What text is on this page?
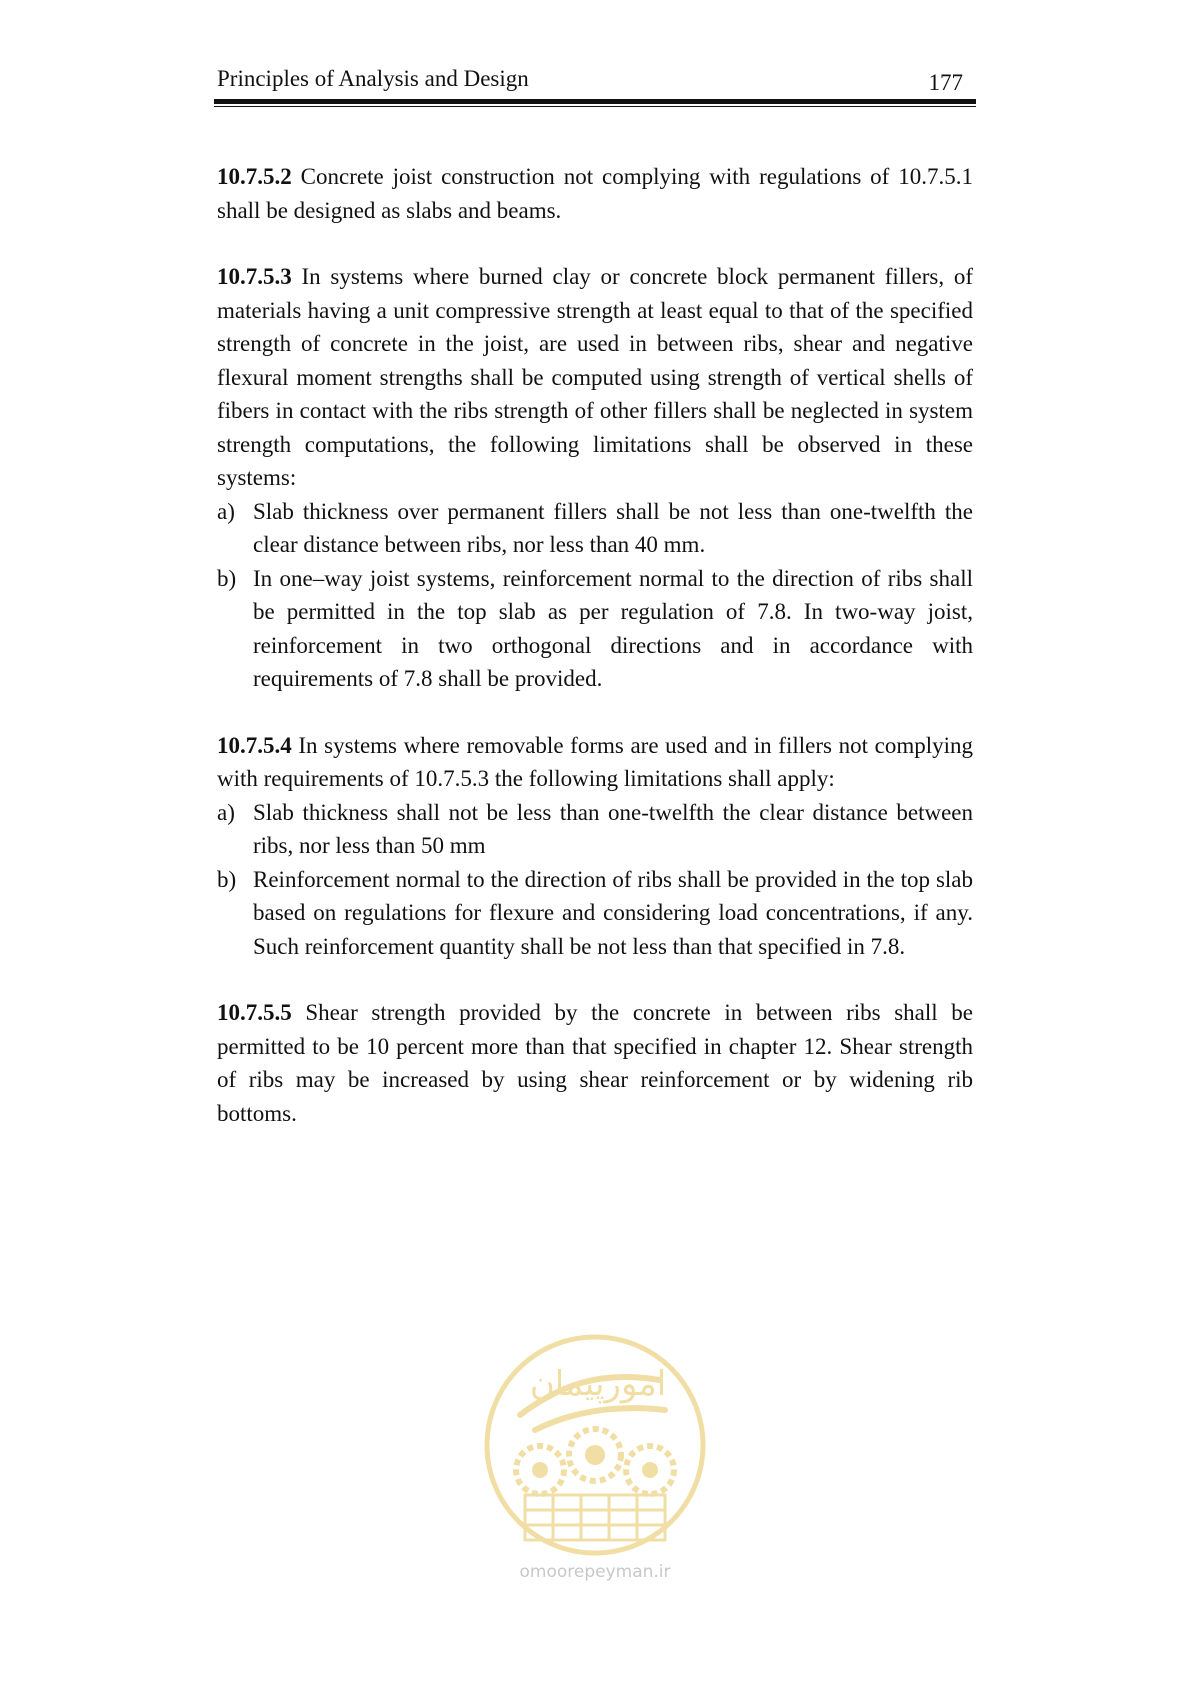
Principles of Analysis and Design	177

10.7.5.2 Concrete joist construction not complying with regulations of 10.7.5.1 shall be designed as slabs and beams.

10.7.5.3 In systems where burned clay or concrete block permanent fillers, of materials having a unit compressive strength at least equal to that of the specified strength of concrete in the joist, are used in between ribs, shear and negative flexural moment strengths shall be computed using strength of vertical shells of fibers in contact with the ribs strength of other fillers shall be neglected in system strength computations, the following limitations shall be observed in these systems:

a) Slab thickness over permanent fillers shall be not less than one-twelfth the clear distance between ribs, nor less than 40 mm.
b) In one–way joist systems, reinforcement normal to the direction of ribs shall be permitted in the top slab as per regulation of 7.8. In two-way joist, reinforcement in two orthogonal directions and in accordance with requirements of 7.8 shall be provided.

10.7.5.4 In systems where removable forms are used and in fillers not complying with requirements of 10.7.5.3 the following limitations shall apply:

a) Slab thickness shall not be less than one-twelfth the clear distance between ribs, nor less than 50 mm
b) Reinforcement normal to the direction of ribs shall be provided in the top slab based on regulations for flexure and considering load concentrations, if any. Such reinforcement quantity shall be not less than that specified in 7.8.

10.7.5.5 Shear strength provided by the concrete in between ribs shall be permitted to be 10 percent more than that specified in chapter 12. Shear strength of ribs may be increased by using shear reinforcement or by widening rib bottoms.

امورپیمان
omoorepeyman.ir
